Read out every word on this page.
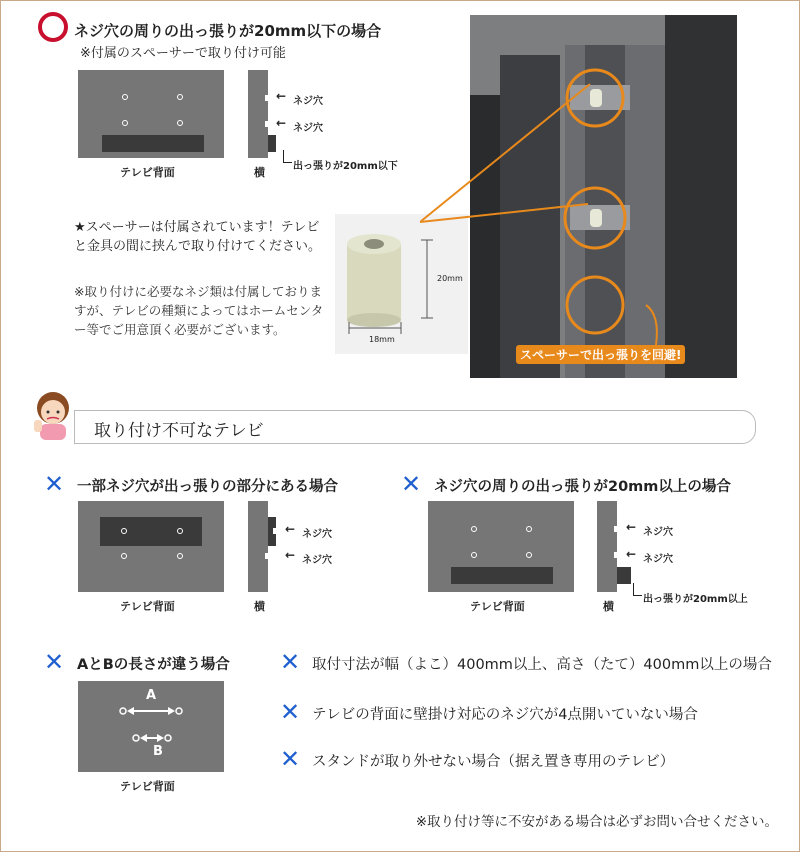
ネジ穴の周りの出っ張りが20mm以下の場合
※付属のスペーサーで取り付け可能
テレビ背面	横
← ネジ穴
← ネジ穴
出っ張りが20mm以下
★スペーサーは付属されています！テレビと金具の間に挟んで取り付けてください。
※取り付けに必要なネジ類は付属しておりますが、テレビの種類によってはホームセンター等でご用意頂く必要がございます。
20mm
18mm
スペーサーで出っ張りを回避!
取り付け不可なテレビ
✕ 一部ネジ穴が出っ張りの部分にある場合
テレビ背面	横
← ネジ穴
← ネジ穴
✕ ネジ穴の周りの出っ張りが20mm以上の場合
テレビ背面	横
← ネジ穴
← ネジ穴
出っ張りが20mm以上
✕ AとBの長さが違う場合
A
B
テレビ背面
✕ 取付寸法が幅（よこ）400mm以上、高さ（たて）400mm以上の場合
✕ テレビの背面に壁掛け対応のネジ穴が4点開いていない場合
✕ スタンドが取り外せない場合（据え置き専用のテレビ）
※取り付け等に不安がある場合は必ずお問い合せください。
